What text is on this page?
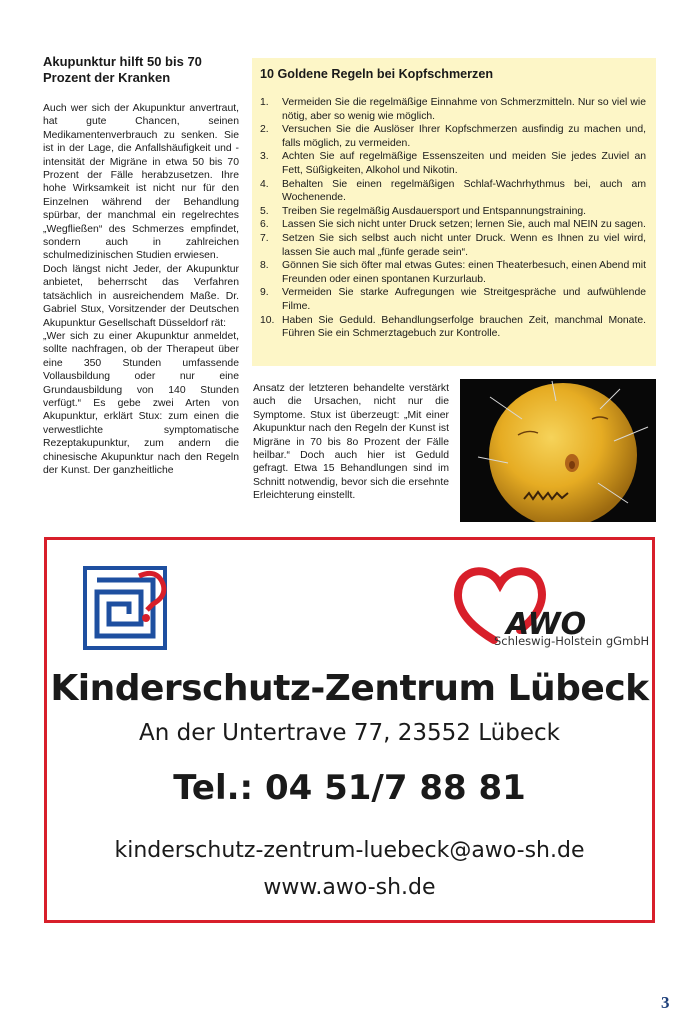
Akupunktur hilft 50 bis 70 Prozent der Kranken

Auch wer sich der Akupunktur anvertraut, hat gute Chancen, seinen Medikamentenverbrauch zu senken. Sie ist in der Lage, die Anfallshäufigkeit und -intensität der Migräne in etwa 50 bis 70 Prozent der Fälle herabzusetzen. Ihre hohe Wirksamkeit ist nicht nur für den Einzelnen während der Behandlung spürbar, der manchmal ein regelrechtes „Wegfließen“ des Schmerzes empfindet, sondern auch in zahlreichen schulmedizinischen Studien erwiesen.

Doch längst nicht Jeder, der Akupunktur anbietet, beherrscht das Verfahren tatsächlich in ausreichendem Maße. Dr. Gabriel Stux, Vorsitzender der Deutschen Akupunktur Gesellschaft Düsseldorf rät:

„Wer sich zu einer Akupunktur anmeldet, sollte nachfragen, ob der Therapeut über eine 350 Stunden umfassende Vollausbildung oder nur eine Grundausbildung von 140 Stunden verfügt.“ Es gebe zwei Arten von Akupunktur, erklärt Stux: zum einen die verwestlichte symptomatische Rezeptakupunktur, zum andern die chinesische Akupunktur nach den Regeln der Kunst. Der ganzheitliche

10 Goldene Regeln bei Kopfschmerzen
1. Vermeiden Sie die regelmäßige Einnahme von Schmerzmitteln. Nur so viel wie nötig, aber so wenig wie möglich.
2. Versuchen Sie die Auslöser Ihrer Kopfschmerzen ausfindig zu machen und, falls möglich, zu vermeiden.
3. Achten Sie auf regelmäßige Essenszeiten und meiden Sie jedes Zuviel an Fett, Süßigkeiten, Alkohol und Nikotin.
4. Behalten Sie einen regelmäßigen Schlaf-Wachrhythmus bei, auch am Wochenende.
5. Treiben Sie regelmäßig Ausdauersport und Entspannungstraining.
6. Lassen Sie sich nicht unter Druck setzen; lernen Sie, auch mal NEIN zu sagen.
7. Setzen Sie sich selbst auch nicht unter Druck. Wenn es Ihnen zu viel wird, lassen Sie auch mal „fünfe gerade sein“.
8. Gönnen Sie sich öfter mal etwas Gutes: einen Theaterbesuch, einen Abend mit Freunden oder einen spontanen Kurzurlaub.
9. Vermeiden Sie starke Aufregungen wie Streitgespräche und aufwühlende Filme.
10. Haben Sie Geduld. Behandlungserfolge brauchen Zeit, manchmal Monate. Führen Sie ein Schmerztagebuch zur Kontrolle.
Ansatz der letzteren behandelte verstärkt auch die Ursachen, nicht nur die Symptome. Stux ist überzeugt: „Mit einer Akupunktur nach den Regeln der Kunst ist Migräne in 70 bis 8o Prozent der Fälle heilbar.“ Doch auch hier ist Geduld gefragt. Etwa 15 Behandlungen sind im Schnitt notwendig, bevor sich die ersehnte Erleichterung einstellt.
AWO
Schleswig-Holstein gGmbH
Kinderschutz-Zentrum Lübeck
An der Untertrave 77, 23552 Lübeck
Tel.: 04 51/7 88 81
kinderschutz-zentrum-luebeck@awo-sh.de
www.awo-sh.de
3
